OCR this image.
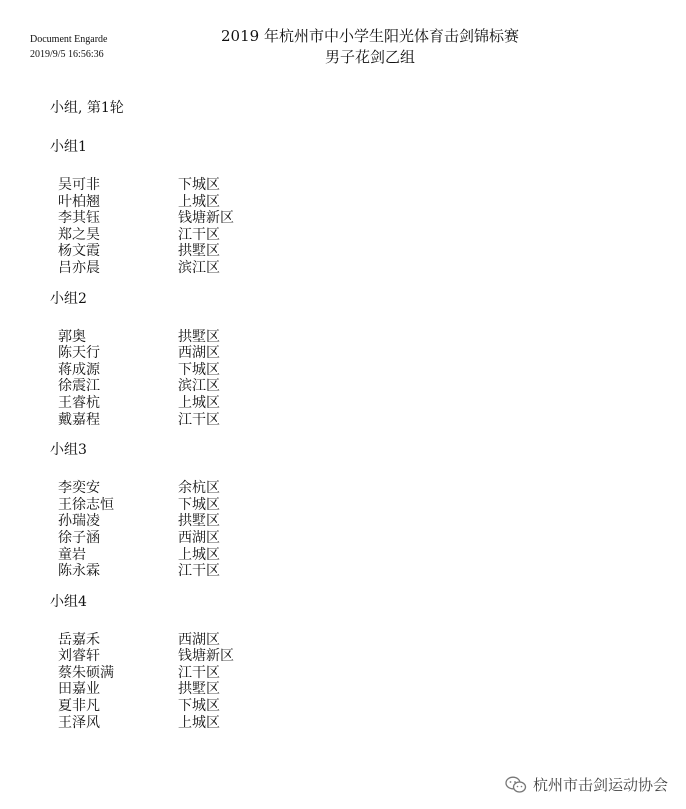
Document Engarde
2019/9/5 16:56:36
2019 年杭州市中小学生阳光体育击剑锦标赛
男子花剑乙组
小组, 第1轮
小组1
吴可非	下城区
叶柏翘	上城区
李其钰	钱塘新区
郑之昊	江干区
杨文霞	拱墅区
吕亦晨	滨江区
小组2
郭奥	拱墅区
陈天行	西湖区
蒋成源	下城区
徐震江	滨江区
王睿杭	上城区
戴嘉程	江干区
小组3
李奕安	余杭区
王徐志恒	下城区
孙瑞凌	拱墅区
徐子涵	西湖区
童岩	上城区
陈永霖	江干区
小组4
岳嘉禾	西湖区
刘睿轩	钱塘新区
蔡朱硕满	江干区
田嘉业	拱墅区
夏非凡	下城区
王泽风	上城区
杭州市击剑运动协会
